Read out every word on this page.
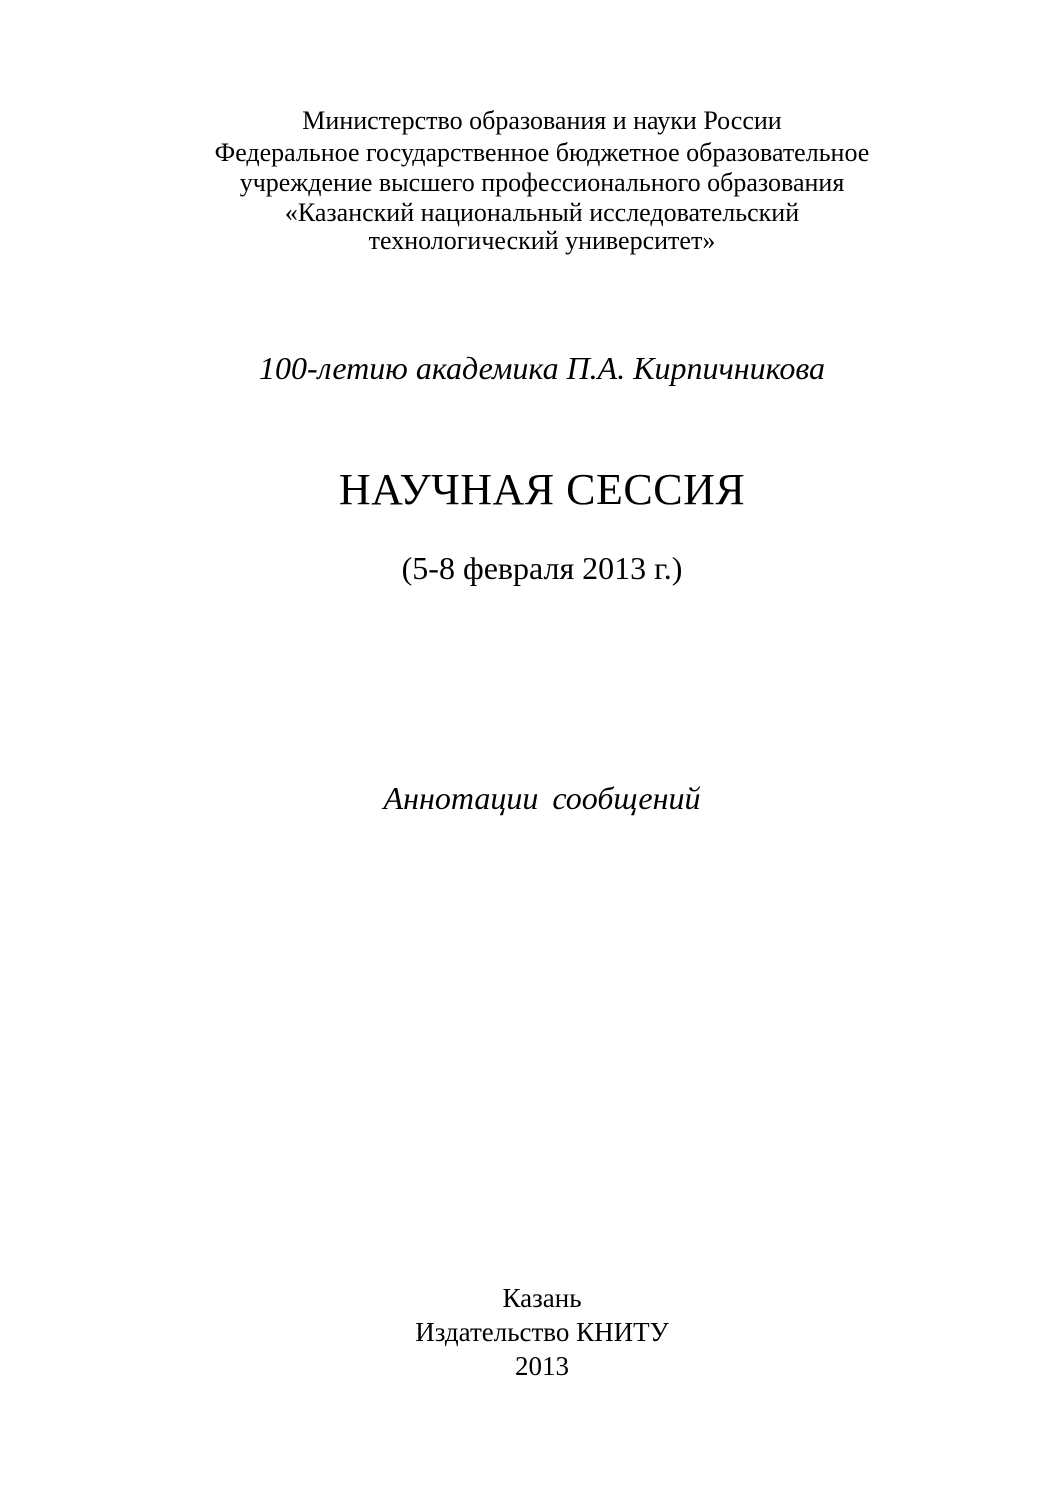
Министерство образования и науки России
Федеральное государственное бюджетное образовательное
учреждение высшего профессионального образования
«Казанский национальный исследовательский
технологический университет»
100-летию академика П.А. Кирпичникова
НАУЧНАЯ СЕССИЯ
(5-8 февраля 2013 г.)
Аннотации сообщений
Казань
Издательство КНИТУ
2013
